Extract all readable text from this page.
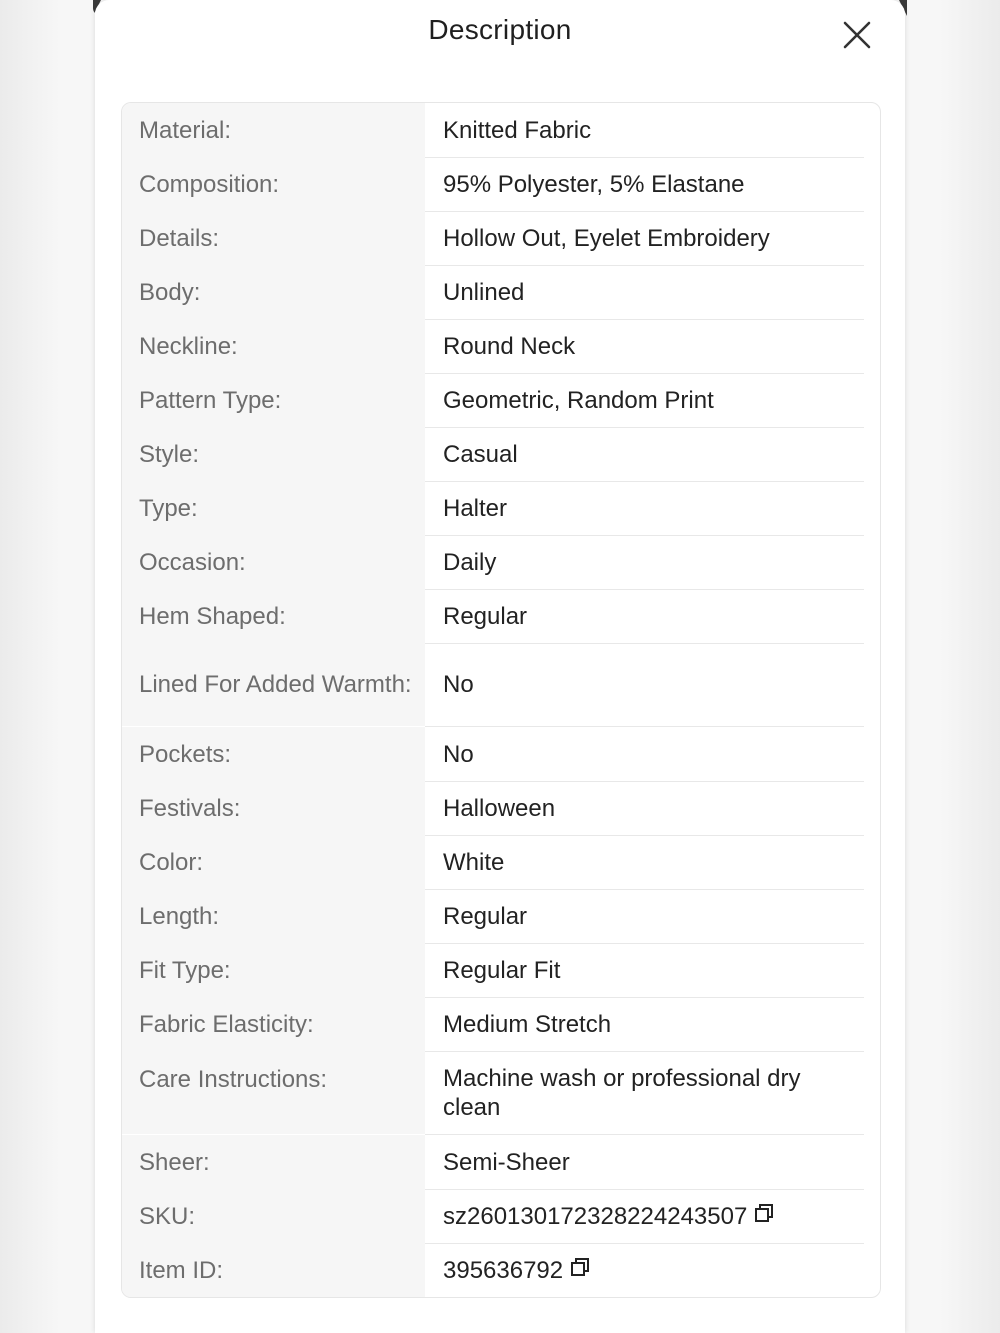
Description
Material:	Knitted Fabric
Composition:	95% Polyester, 5% Elastane
Details:	Hollow Out, Eyelet Embroidery
Body:	Unlined
Neckline:	Round Neck
Pattern Type:	Geometric, Random Print
Style:	Casual
Type:	Halter
Occasion:	Daily
Hem Shaped:	Regular
Lined For Added Warmth:	No
Pockets:	No
Festivals:	Halloween
Color:	White
Length:	Regular
Fit Type:	Regular Fit
Fabric Elasticity:	Medium Stretch
Care Instructions:	Machine wash or professional dry clean
Sheer:	Semi-Sheer
SKU:	sz260130172328224243507
Item ID:	395636792
